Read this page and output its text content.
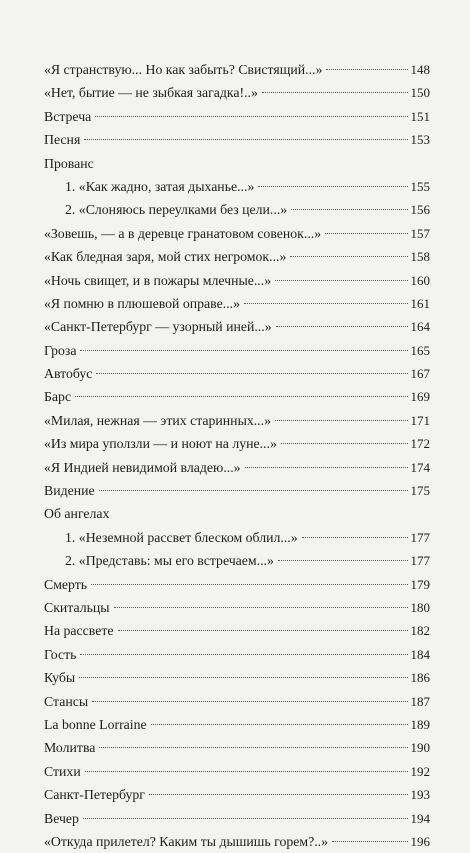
«Я странствую... Но как забыть? Свистящий...»	148
«Нет, бытие — не зыбкая загадка!..»	150
Встреча	151
Песня	153
Прованс
1. «Как жадно, затая дыханье...»	155
2. «Слоняюсь переулками без цели...»	156
«Зовешь, — а в деревце гранатовом совенок...»	157
«Как бледная заря, мой стих негромок...»	158
«Ночь свищет, и в пожары млечные...»	160
«Я помню в плюшевой оправе...»	161
«Санкт-Петербург — узорный иней...»	164
Гроза	165
Автобус	167
Барс	169
«Милая, нежная — этих старинных...»	171
«Из мира уползли — и ноют на луне...»	172
«Я Индией невидимой владею...»	174
Видение	175
Об ангелах
1. «Неземной рассвет блеском облил...»	177
2. «Представь: мы его встречаем...»	177
Смерть	179
Скитальцы	180
На рассвете	182
Гость	184
Кубы	186
Стансы	187
La bonne Lorraine	189
Молитва	190
Стихи	192
Санкт-Петербург	193
Вечер	194
«Откуда прилетел? Каким ты дышишь горем?..»	196
